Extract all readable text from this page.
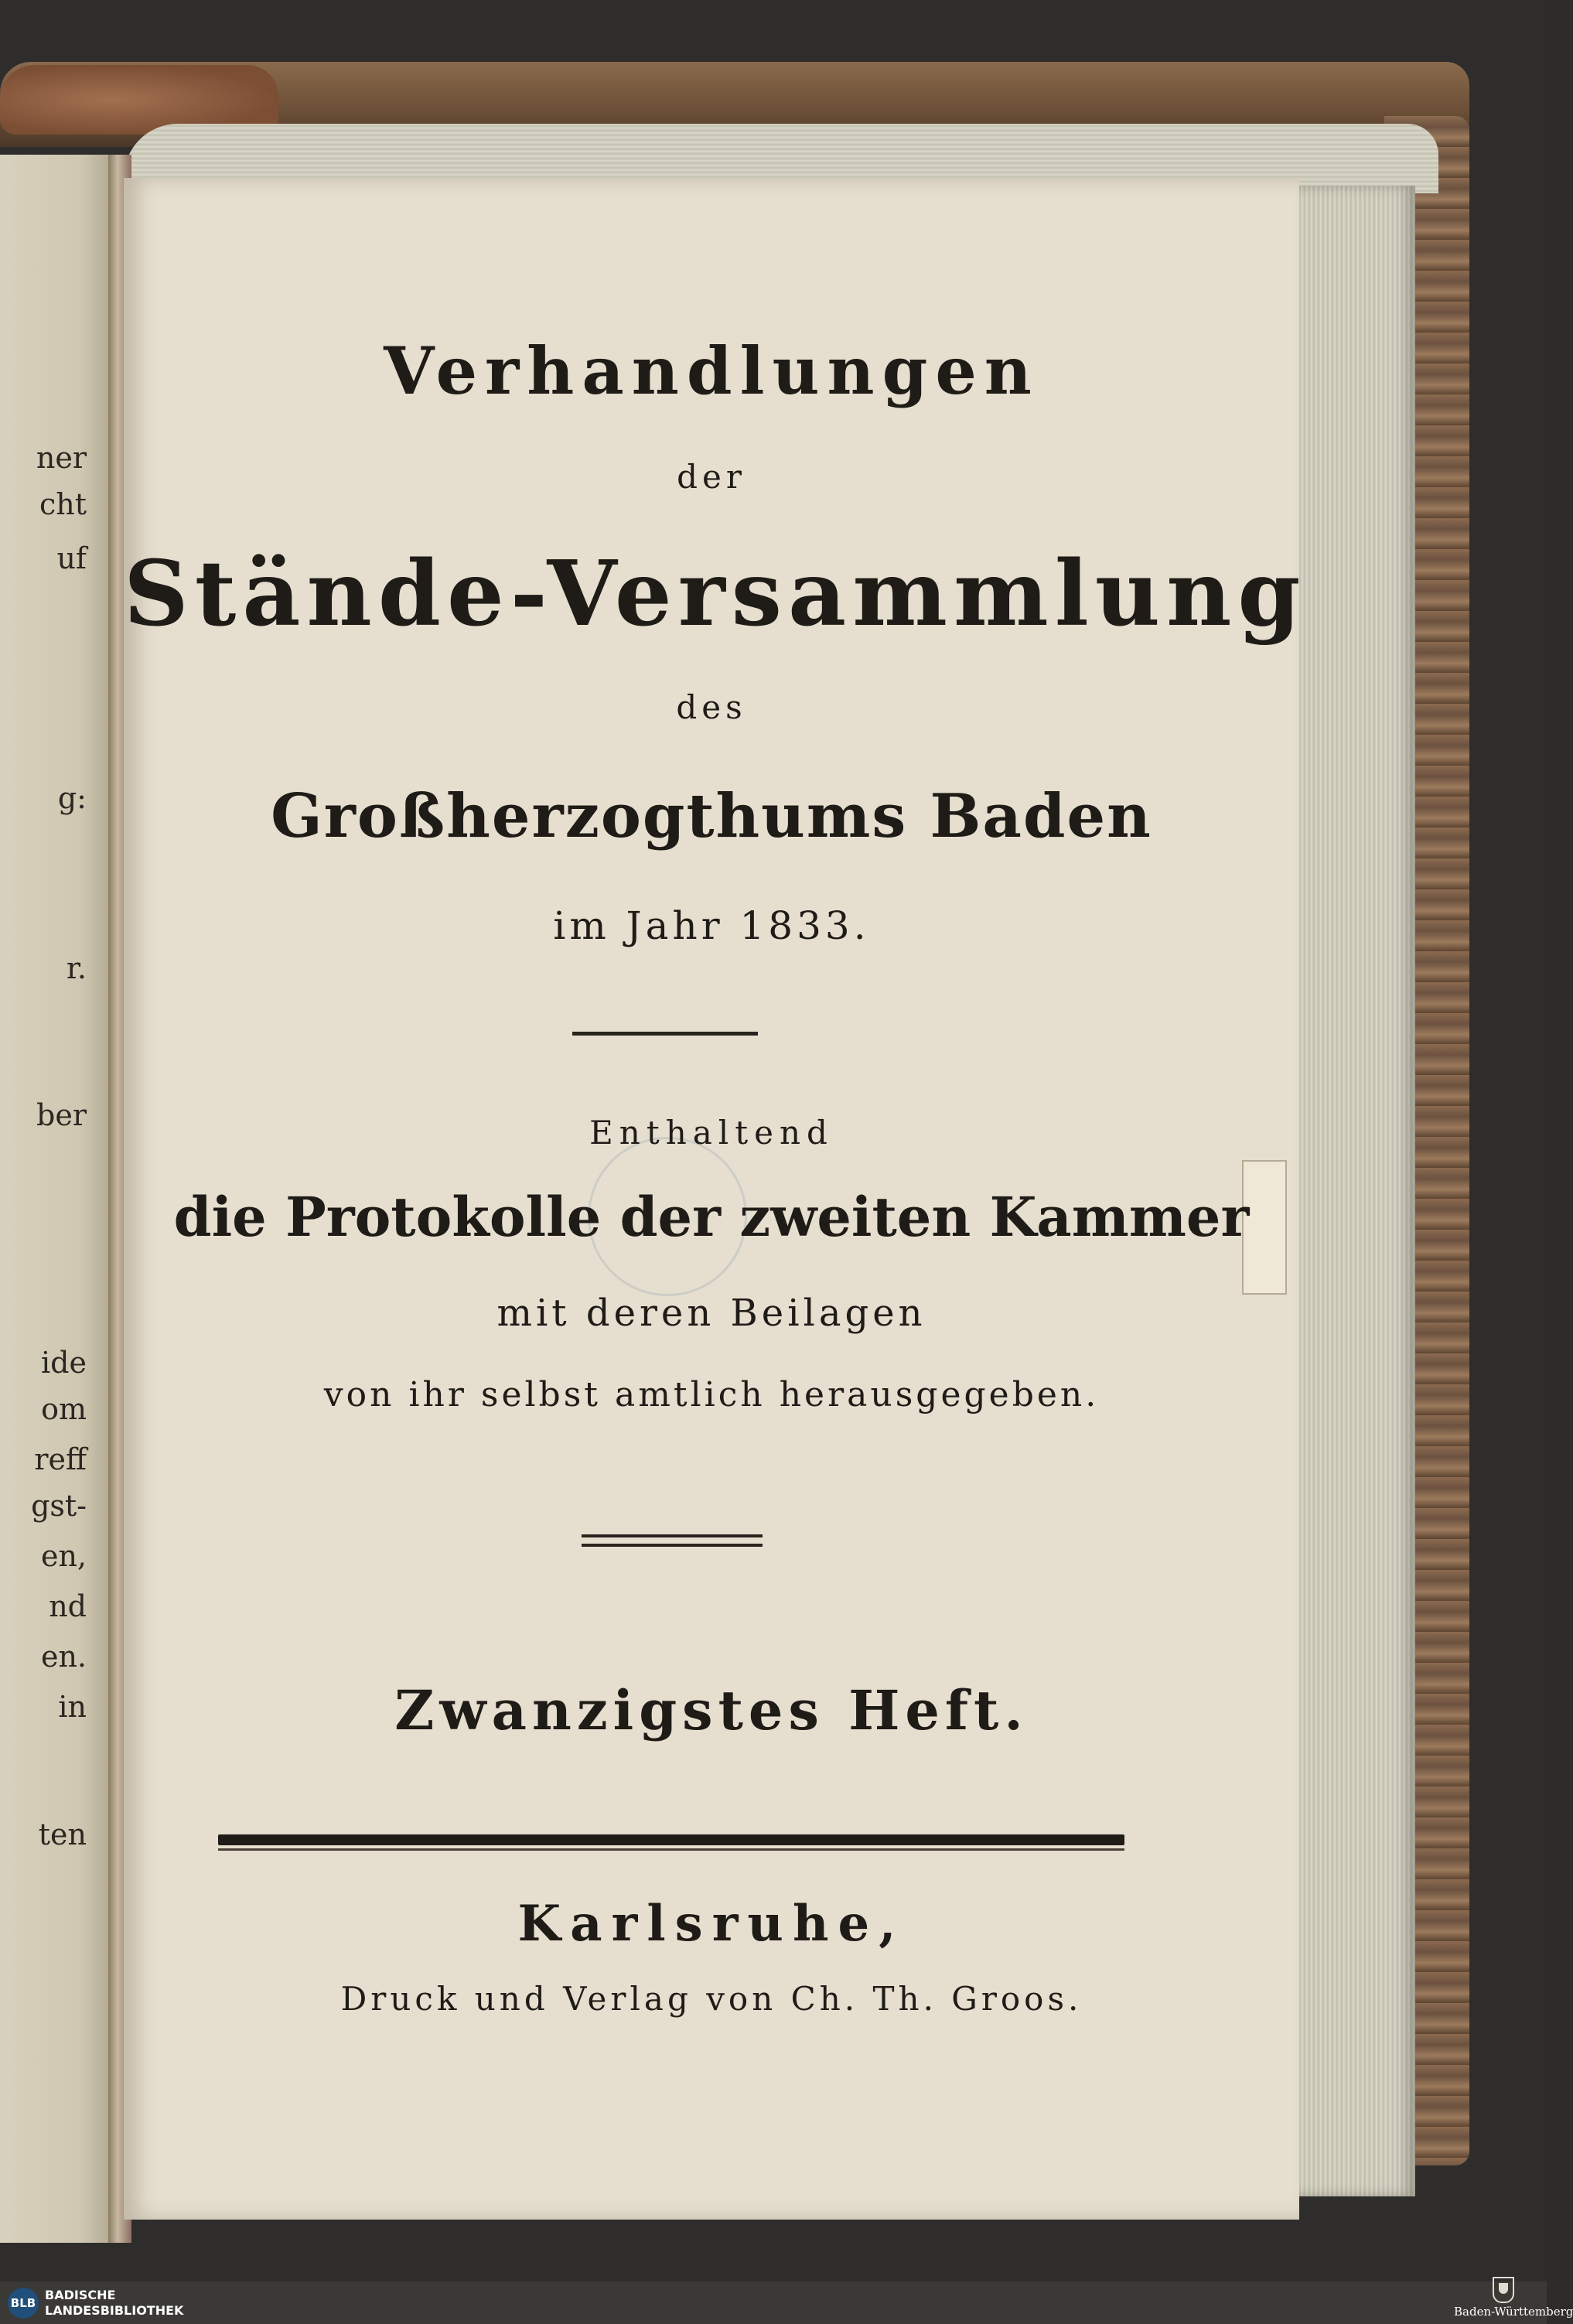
ner
cht
uf
g:
r.
ber
ide
om
reff
gst-
en,
nd
en.
in
ten
Verhandlungen
der
Stände-Versammlung
des
Großherzogthums Baden
im Jahr 1833.
Enthaltend
die Protokolle der zweiten Kammer
mit deren Beilagen
von ihr selbst amtlich herausgegeben.
Zwanzigstes Heft.
Karlsruhe,
Druck und Verlag von Ch. Th. Groos.
BLB
BADISCHE
LANDESBIBLIOTHEK	Baden-Württemberg
